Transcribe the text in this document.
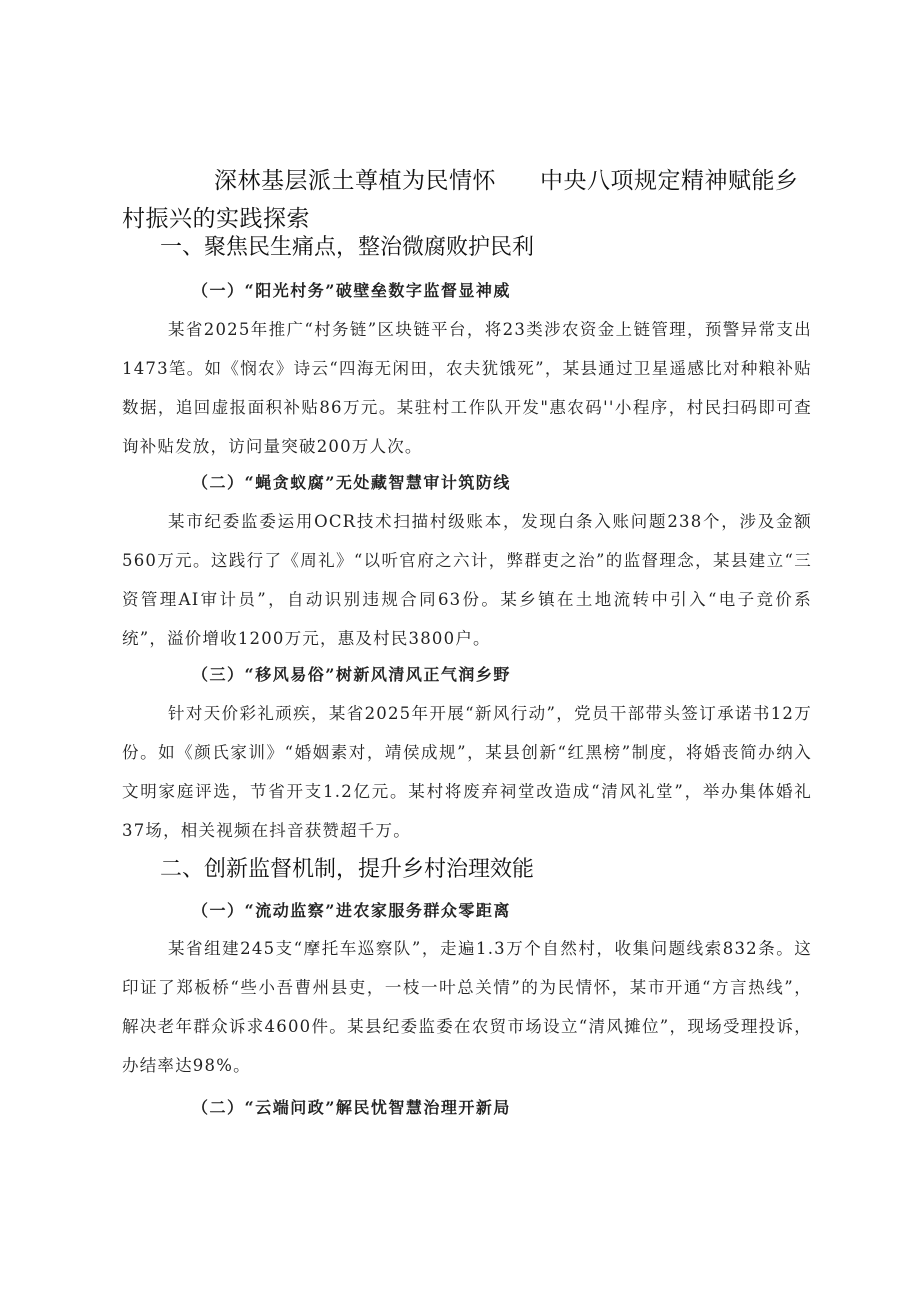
深林基层派土尊植为民情怀 中央八项规定精神赋能乡村振兴的实践探索
一、聚焦民生痛点，整治微腐败护民利
（一）“阳光村务”破壁垒数字监督显神威

某省2025年推广“村务链”区块链平台，将23类涉农资金上链管理，预警异常支出1473笔。如《悯农》诗云“四海无闲田，农夫犹饿死”，某县通过卫星遥感比对种粮补贴数据，追回虚报面积补贴86万元。某驻村工作队开发"惠农码''小程序，村民扫码即可查询补贴发放，访问量突破200万人次。

（二）“蝇贪蚁腐”无处藏智慧审计筑防线

某市纪委监委运用OCR技术扫描村级账本，发现白条入账问题238个，涉及金额560万元。这践行了《周礼》“以听官府之六计，弊群吏之治”的监督理念，某县建立“三资管理AI审计员”，自动识别违规合同63份。某乡镇在土地流转中引入“电子竞价系统”，溢价增收1200万元，惠及村民3800户。

（三）“移风易俗”树新风清风正气润乡野

针对天价彩礼顽疾，某省2025年开展“新风行动”，党员干部带头签订承诺书12万份。如《颜氏家训》“婚姻素对，靖侯成规”，某县创新“红黑榜”制度，将婚丧简办纳入文明家庭评选，节省开支1.2亿元。某村将废弃祠堂改造成“清风礼堂”，举办集体婚礼37场，相关视频在抖音获赞超千万。

二、创新监督机制，提升乡村治理效能
（一）“流动监察”进农家服务群众零距离

某省组建245支“摩托车巡察队”，走遍1.3万个自然村，收集问题线索832条。这印证了郑板桥“些小吾曹州县吏，一枝一叶总关情”的为民情怀，某市开通“方言热线”，解决老年群众诉求4600件。某县纪委监委在农贸市场设立“清风摊位”，现场受理投诉，办结率达98%。

（二）“云端问政”解民忧智慧治理开新局
